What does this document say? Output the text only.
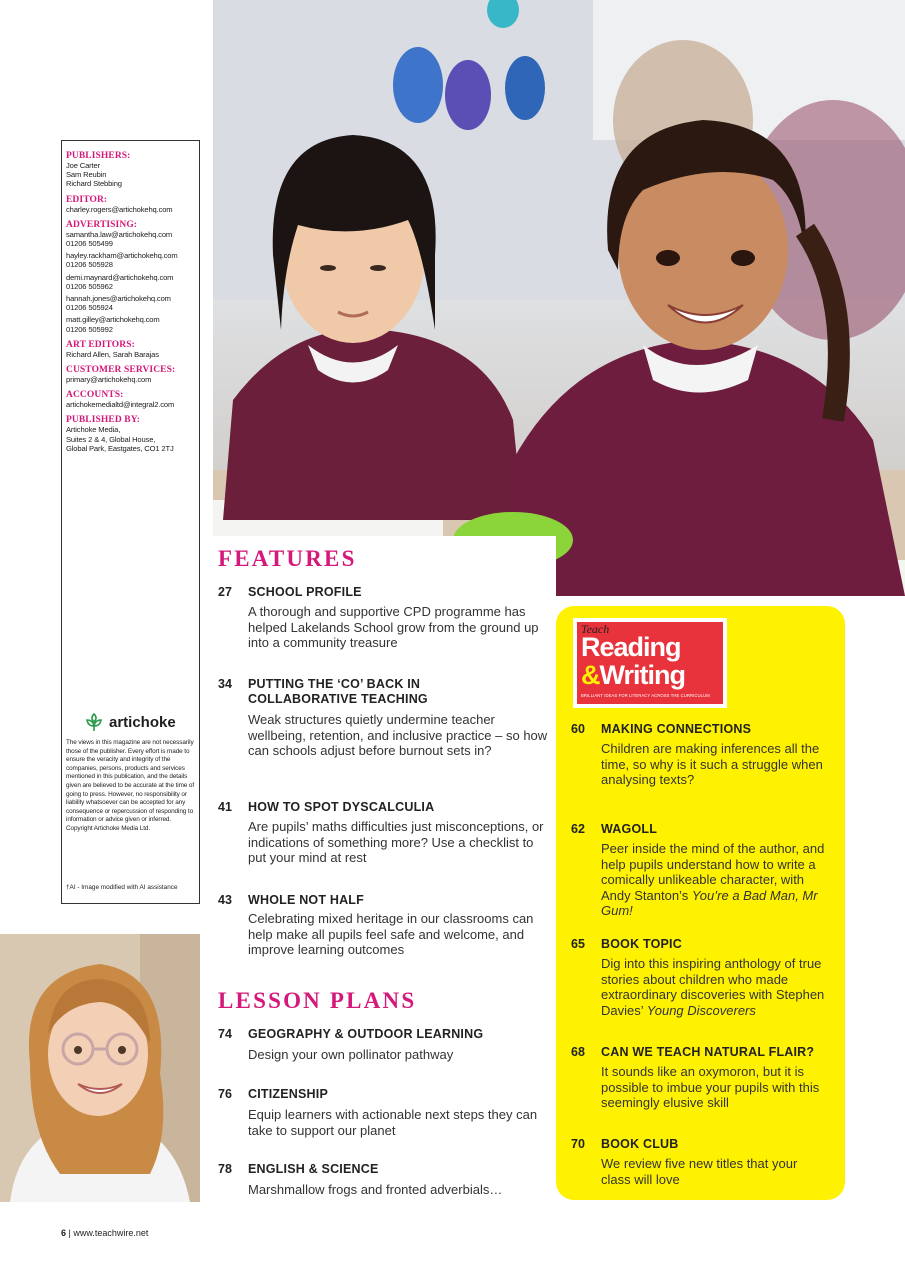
PUBLISHERS:
Joe Carter
Sam Reubin
Richard Stebbing
EDITOR:
charley.rogers@artichokehq.com
ADVERTISING:
samantha.law@artichokehq.com
01206 505499
hayley.rackham@artichokehq.com
01206 505928
demi.maynard@artichokehq.com
01206 505962
hannah.jones@artichokehq.com
01206 505924
matt.gilley@artichokehq.com
01206 505992
ART EDITORS:
Richard Allen, Sarah Barajas
CUSTOMER SERVICES:
primary@artichokehq.com
ACCOUNTS:
artichokemedialtd@integral2.com
PUBLISHED BY:
Artichoke Media,
Suites 2 & 4, Global House,
Global Park, Eastgates, CO1 2TJ
artichoke

The views in this magazine are not necessarily those of the publisher. Every effort is made to ensure the veracity and integrity of the companies, persons, products and services mentioned in this publication, and the details given are believed to be accurate at the time of going to press. However, no responsibility or liability whatsoever can be accepted for any consequence or repercussion of responding to information or advice given or inferred. Copyright Artichoke Media Ltd.

†AI - Image modified with AI assistance

FEATURES
27 SCHOOL PROFILE

A thorough and supportive CPD programme has helped Lakelands School grow from the ground up into a community treasure

34 PUTTING THE ‘CO’ BACK IN COLLABORATIVE TEACHING

Weak structures quietly undermine teacher wellbeing, retention, and inclusive practice – so how can schools adjust before burnout sets in?

41 HOW TO SPOT DYSCALCULIA

Are pupils’ maths difficulties just misconceptions, or indications of something more? Use a checklist to put your mind at rest

43 WHOLE NOT HALF

Celebrating mixed heritage in our classrooms can help make all pupils feel safe and welcome, and improve learning outcomes

LESSON PLANS
74 GEOGRAPHY & OUTDOOR LEARNING

Design your own pollinator pathway

76 CITIZENSHIP

Equip learners with actionable next steps they can take to support our planet

78 ENGLISH & SCIENCE

Marshmallow frogs and fronted adverbials…

Teach
Reading
&Writing
BRILLIANT IDEAS FOR LITERACY ACROSS THE CURRICULUM
60 MAKING CONNECTIONS

Children are making inferences all the time, so why is it such a struggle when analysing texts?

62 WAGOLL

Peer inside the mind of the author, and help pupils understand how to write a comically unlikeable character, with Andy Stanton’s You’re a Bad Man, Mr Gum!

65 BOOK TOPIC

Dig into this inspiring anthology of true stories about children who made extraordinary discoveries with Stephen Davies’ Young Discoverers

68 CAN WE TEACH NATURAL FLAIR?

It sounds like an oxymoron, but it is possible to imbue your pupils with this seemingly elusive skill

70 BOOK CLUB

We review five new titles that your class will love

6 | www.teachwire.net
